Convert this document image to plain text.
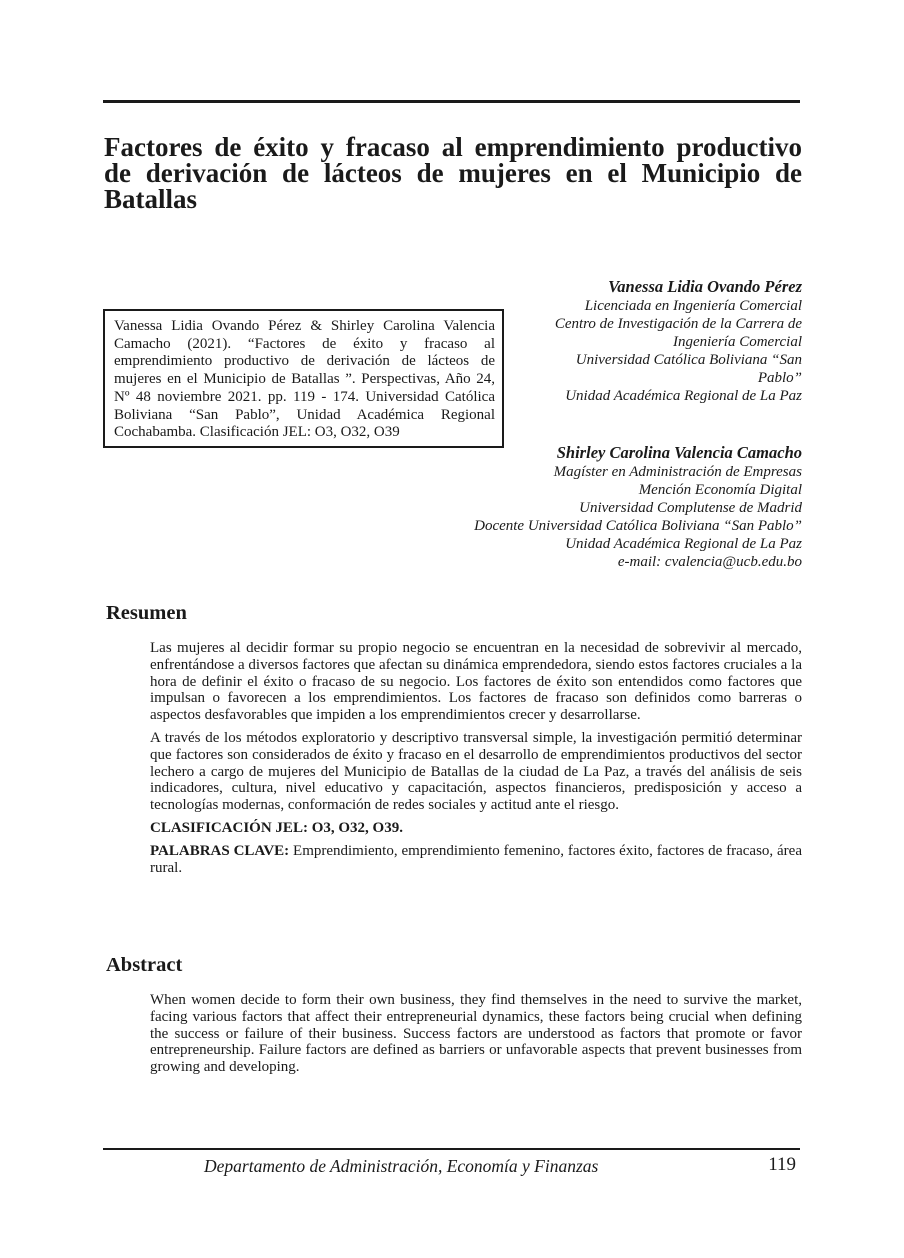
Factores de éxito y fracaso al emprendimiento productivo
de derivación de lácteos de mujeres en el Municipio de
Batallas
Vanessa Lidia Ovando Pérez & Shirley Carolina Valencia Camacho (2021). “Factores de éxito y fracaso al emprendimiento productivo de derivación de lácteos de mujeres en el Municipio de Batallas ”. Perspectivas, Año 24, Nº 48 noviembre 2021. pp. 119 - 174. Universidad Católica Boliviana “San Pablo”, Unidad Académica Regional Cochabamba. Clasificación JEL: O3, O32, O39
Vanessa Lidia Ovando Pérez
Licenciada en Ingeniería Comercial
Centro de Investigación de la Carrera de
Ingeniería Comercial
Universidad Católica Boliviana “San
Pablo”
Unidad Académica Regional de La Paz
Shirley Carolina Valencia Camacho
Magíster en Administración de Empresas
Mención Economía Digital
Universidad Complutense de Madrid
Docente Universidad Católica Boliviana “San Pablo”
Unidad Académica Regional de La Paz
e-mail: cvalencia@ucb.edu.bo
Resumen

Las mujeres al decidir formar su propio negocio se encuentran en la necesidad de sobrevivir al mercado, enfrentándose a diversos factores que afectan su dinámica emprendedora, siendo estos factores cruciales a la hora de definir el éxito o fracaso de su negocio. Los factores de éxito son entendidos como factores que impulsan o favorecen a los emprendimientos. Los factores de fracaso son definidos como barreras o aspectos desfavorables que impiden a los emprendimientos crecer y desarrollarse.

A través de los métodos exploratorio y descriptivo transversal simple, la investigación permitió determinar que factores son considerados de éxito y fracaso en el desarrollo de emprendimientos productivos del sector lechero a cargo de mujeres del Municipio de Batallas de la ciudad de La Paz, a través del análisis de seis indicadores, cultura, nivel educativo y capacitación, aspectos financieros, predisposición y acceso a tecnologías modernas, conformación de redes sociales y actitud ante el riesgo.

CLASIFICACIÓN JEL: O3, O32, O39.

PALABRAS CLAVE: Emprendimiento, emprendimiento femenino, factores éxito, factores de fracaso, área rural.

Abstract

When women decide to form their own business, they find themselves in the need to survive the market, facing various factors that affect their entrepreneurial dynamics, these factors being crucial when defining the success or failure of their business. Success factors are understood as factors that promote or favor entrepreneurship. Failure factors are defined as barriers or unfavorable aspects that prevent businesses from growing and developing.

Departamento de Administración, Economía y Finanzas	119
